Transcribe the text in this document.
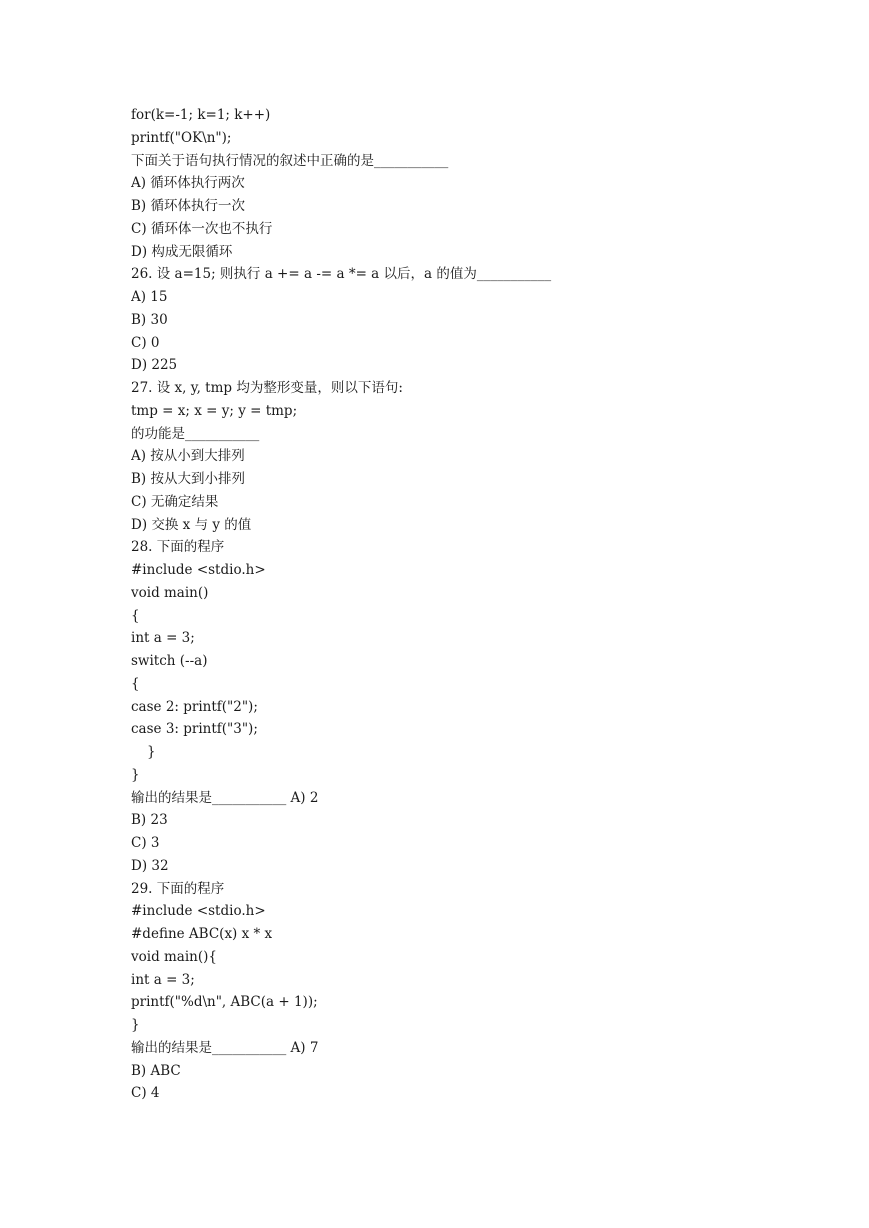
for(k=-1; k=1; k++)
printf("OK\n");
下面关于语句执行情况的叙述中正确的是___________
A) 循环体执行两次
B) 循环体执行一次
C) 循环体一次也不执行
D) 构成无限循环
26. 设 a=15; 则执行 a += a -= a *= a 以后，a 的值为___________
A) 15
B) 30
C) 0
D) 225
27. 设 x, y, tmp 均为整形变量，则以下语句:
tmp = x; x = y; y = tmp;
的功能是___________
A) 按从小到大排列
B) 按从大到小排列
C) 无确定结果
D) 交换 x 与 y 的值
28. 下面的程序
#include <stdio.h>
void main()
{
int a = 3;
switch (--a)
{
case 2: printf("2");
case 3: printf("3");
}
}
输出的结果是___________ A) 2
B) 23
C) 3
D) 32
29. 下面的程序
#include <stdio.h>
#define ABC(x) x * x
void main(){
int a = 3;
printf("%d\n", ABC(a + 1));
}
输出的结果是___________ A) 7
B) ABC
C) 4
